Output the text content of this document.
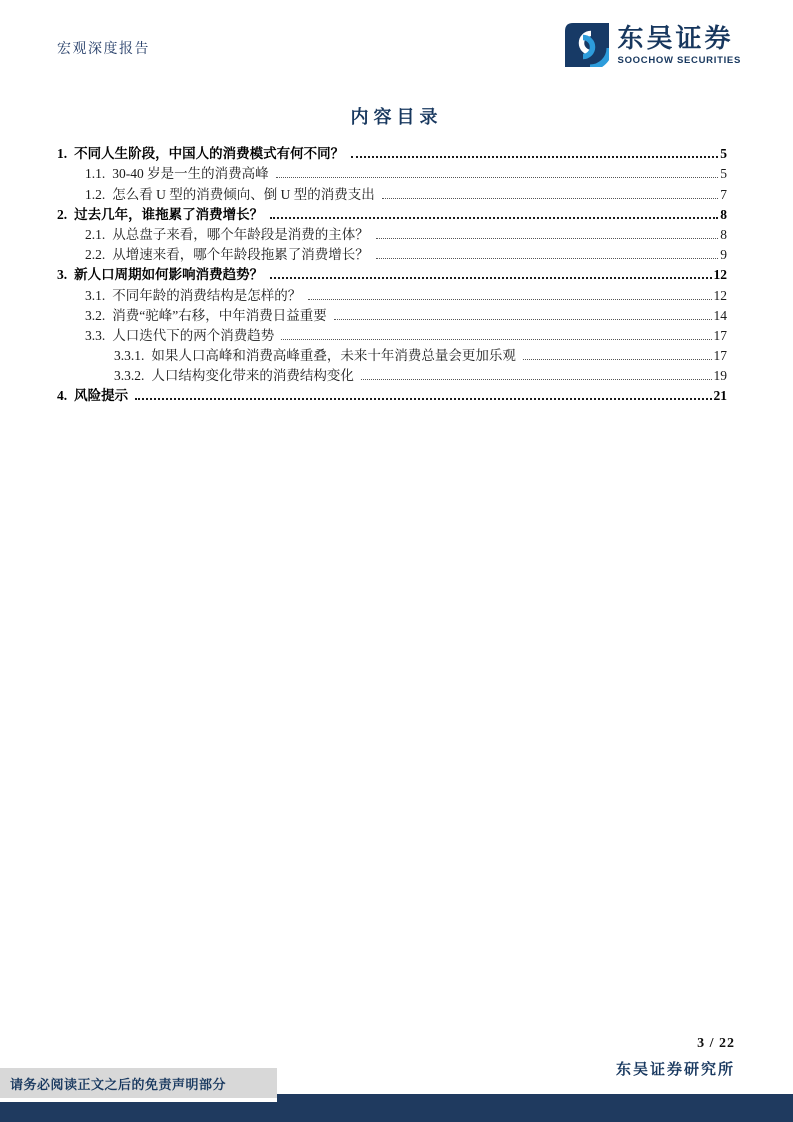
宏观深度报告	东吴证券
SOOCHOW SECURITIES
内容目录
1. 不同人生阶段，中国人的消费模式有何不同？	5
1.1. 30-40 岁是一生的消费高峰	5
1.2. 怎么看 U 型的消费倾向、倒 U 型的消费支出	7
2. 过去几年，谁拖累了消费增长？	8
2.1. 从总盘子来看，哪个年龄段是消费的主体？	8
2.2. 从增速来看，哪个年龄段拖累了消费增长？	9
3. 新人口周期如何影响消费趋势？	12
3.1. 不同年龄的消费结构是怎样的？	12
3.2. 消费“驼峰”右移，中年消费日益重要	14
3.3. 人口迭代下的两个消费趋势	17
3.3.1. 如果人口高峰和消费高峰重叠，未来十年消费总量会更加乐观	17
3.3.2. 人口结构变化带来的消费结构变化	19
4. 风险提示	21
3 / 22
东吴证券研究所
请务必阅读正文之后的免责声明部分
